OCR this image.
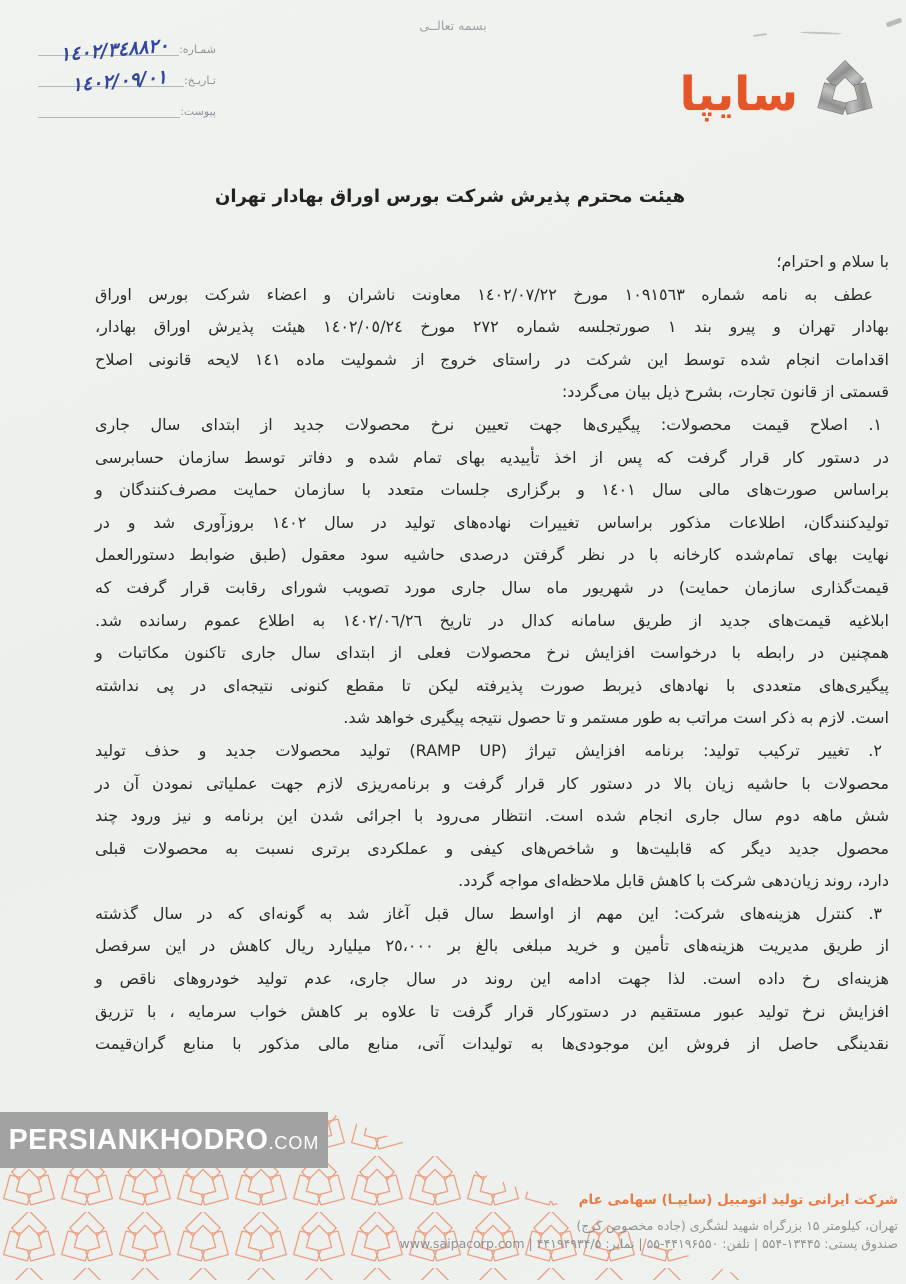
بسمه تعالــی
شمـاره:
١٤٠٢/٣٤٨٨٢٠
تـاريـخ:
١٤٠٢/٠٩/٠١
پیوست:	سایپا
هیئت محترم پذیرش شرکت بورس اوراق بهادار تهران
با سلام و احترام؛
عطف به نامه شماره ١٠٩١٥٦٣ مورخ ١٤٠٢/٠٧/٢٢ معاونت ناشران و اعضاء شرکت بورس اوراق
بهادار تهران و پیرو بند ١ صورتجلسه شماره ٢٧٢ مورخ ١٤٠٢/٠٥/٢٤ هیئت پذیرش اوراق بهادار،
اقدامات انجام شده توسط این شرکت در راستای خروج از شمولیت ماده ١٤١ لایحه قانونی اصلاح
قسمتی از قانون تجارت، بشرح ذیل بیان می‌گردد:
١. اصلاح قیمت محصولات: پیگیری‌ها جهت تعیین نرخ محصولات جدید از ابتدای سال جاری
در دستور کار قرار گرفت که پس از اخذ تأییدیه بهای تمام شده و دفاتر توسط سازمان حسابرسی
براساس صورت‌های مالی سال ١٤٠١ و برگزاری جلسات متعدد با سازمان حمایت مصرف‌کنندگان و
تولیدکنندگان، اطلاعات مذکور براساس تغییرات نهاده‌های تولید در سال ١٤٠٢ بروزآوری شد و در
نهایت بهای تمام‌شده کارخانه با در نظر گرفتن درصدی حاشیه سود معقول (طبق ضوابط دستورالعمل
قیمت‌گذاری سازمان حمایت) در شهریور ماه سال جاری مورد تصویب شورای رقابت قرار گرفت که
ابلاغیه قیمت‌های جدید از طریق سامانه کدال در تاریخ ١٤٠٢/٠٦/٢٦ به اطلاع عموم رسانده شد.
همچنین در رابطه با درخواست افزایش نرخ محصولات فعلی از ابتدای سال جاری تاکنون مکاتبات و
پیگیری‌های متعددی با نهادهای ذیربط صورت پذیرفته لیکن تا مقطع کنونی نتیجه‌ای در پی نداشته
است. لازم به ذکر است مراتب به طور مستمر و تا حصول نتیجه پیگیری خواهد شد.
٢. تغییر ترکیب تولید: برنامه افزایش تیراژ (RAMP UP) تولید محصولات جدید و حذف تولید
محصولات با حاشیه زیان بالا در دستور کار قرار گرفت و برنامه‌ریزی لازم جهت عملیاتی نمودن آن در
شش ماهه دوم سال جاری انجام شده است. انتظار می‌رود با اجرائی شدن این برنامه و نیز ورود چند
محصول جدید دیگر که قابلیت‌ها و شاخص‌های کیفی و عملکردی برتری نسبت به محصولات قبلی
دارد، روند زیان‌دهی شرکت با کاهش قابل ملاحظه‌ای مواجه گردد.
٣. کنترل هزینه‌های شرکت: این مهم از اواسط سال قبل آغاز شد به گونه‌ای که در سال گذشته
از طریق مدیریت هزینه‌های تأمین و خرید مبلغی بالغ بر ٢٥،٠٠٠ میلیارد ریال کاهش در این سرفصل
هزینه‌ای رخ داده است. لذا جهت ادامه این روند در سال جاری، عدم تولید خودروهای ناقص و
افزایش نرخ تولید عبور مستقیم در دستورکار قرار گرفت تا علاوه بر کاهش خواب سرمایه ، با تزریق
نقدینگی حاصل از فروش این موجودی‌ها به تولیدات آتی، منابع مالی مذکور با منابع گران‌قیمت
PERSIANKHODRO .COM
شرکت ایرانی تولید اتومبیل (سایپـا) سهامی عام
تهران، کیلومتر ۱۵ بزرگراه شهید لشگری (جاده مخصوص کرج)
صندوق پستی: ۱۳۴۴۵-۵۵۴ | تلفن: ۴۴۱۹۶۵۵۰-۵۵ | نمابر: ۴۴۱۹۴۹۳۴/۵ | www.saipacorp.com
